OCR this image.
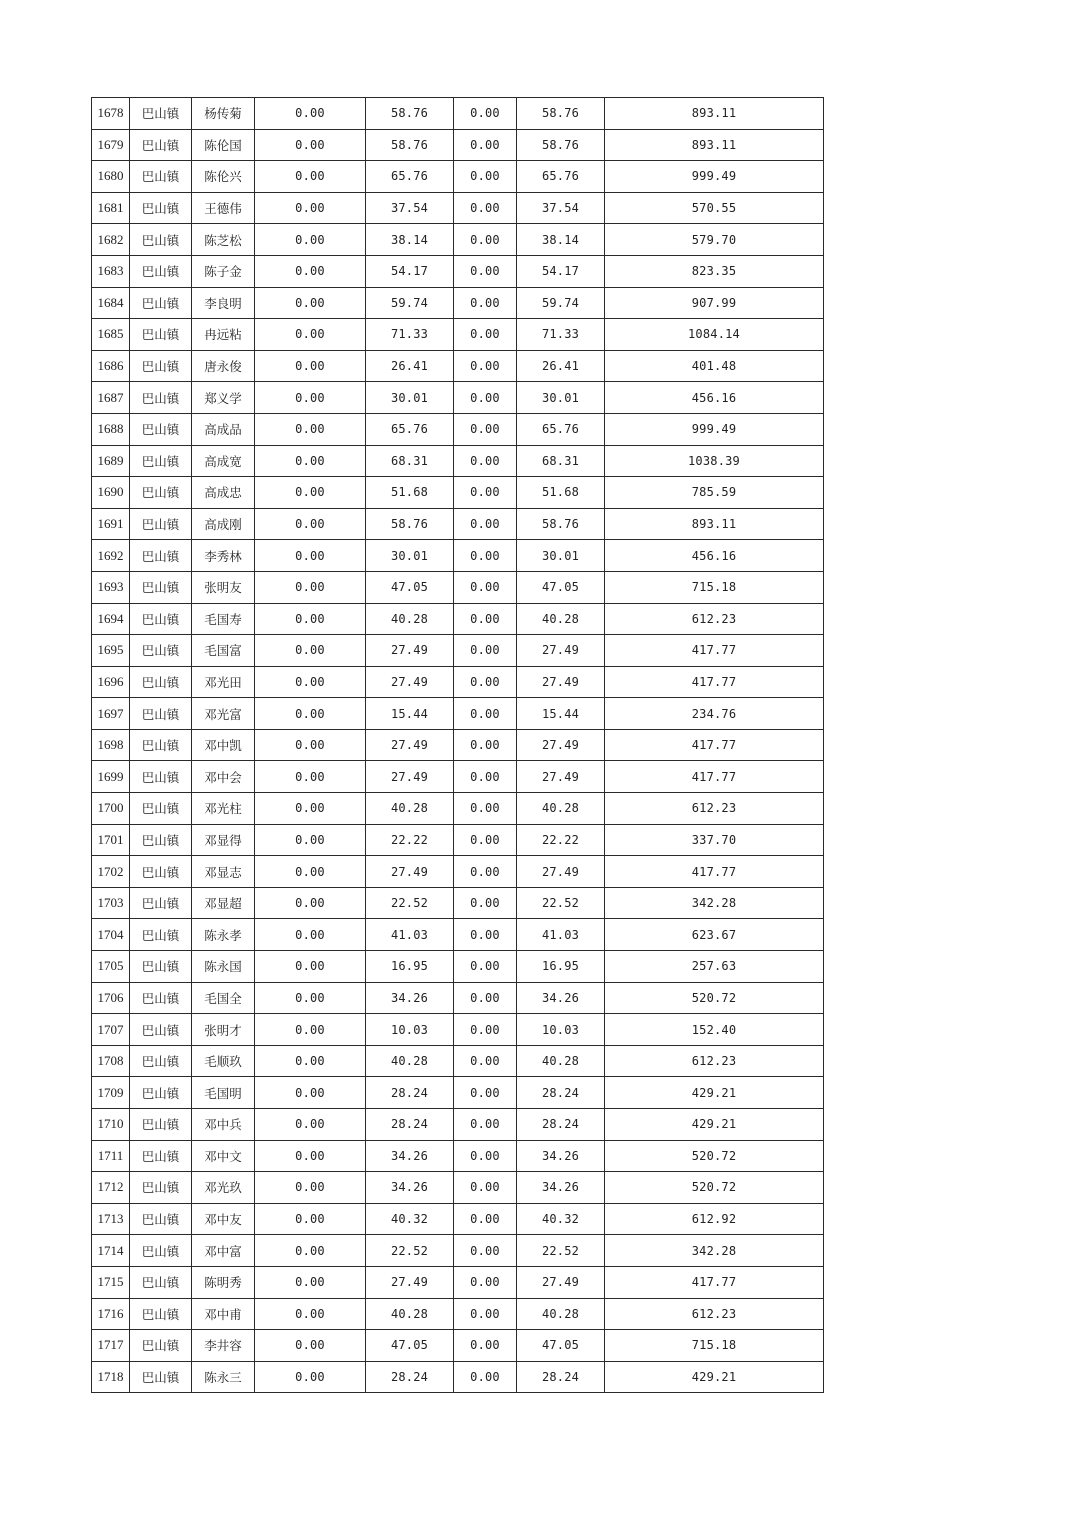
1678	巴山镇	杨传菊	0.00	58.76	0.00	58.76	893.11
1679	巴山镇	陈伦国	0.00	58.76	0.00	58.76	893.11
1680	巴山镇	陈伦兴	0.00	65.76	0.00	65.76	999.49
1681	巴山镇	王德伟	0.00	37.54	0.00	37.54	570.55
1682	巴山镇	陈芝松	0.00	38.14	0.00	38.14	579.70
1683	巴山镇	陈子金	0.00	54.17	0.00	54.17	823.35
1684	巴山镇	李良明	0.00	59.74	0.00	59.74	907.99
1685	巴山镇	冉远粘	0.00	71.33	0.00	71.33	1084.14
1686	巴山镇	唐永俊	0.00	26.41	0.00	26.41	401.48
1687	巴山镇	郑义学	0.00	30.01	0.00	30.01	456.16
1688	巴山镇	高成品	0.00	65.76	0.00	65.76	999.49
1689	巴山镇	高成宽	0.00	68.31	0.00	68.31	1038.39
1690	巴山镇	高成忠	0.00	51.68	0.00	51.68	785.59
1691	巴山镇	高成刚	0.00	58.76	0.00	58.76	893.11
1692	巴山镇	李秀林	0.00	30.01	0.00	30.01	456.16
1693	巴山镇	张明友	0.00	47.05	0.00	47.05	715.18
1694	巴山镇	毛国寿	0.00	40.28	0.00	40.28	612.23
1695	巴山镇	毛国富	0.00	27.49	0.00	27.49	417.77
1696	巴山镇	邓光田	0.00	27.49	0.00	27.49	417.77
1697	巴山镇	邓光富	0.00	15.44	0.00	15.44	234.76
1698	巴山镇	邓中凯	0.00	27.49	0.00	27.49	417.77
1699	巴山镇	邓中会	0.00	27.49	0.00	27.49	417.77
1700	巴山镇	邓光柱	0.00	40.28	0.00	40.28	612.23
1701	巴山镇	邓显得	0.00	22.22	0.00	22.22	337.70
1702	巴山镇	邓显志	0.00	27.49	0.00	27.49	417.77
1703	巴山镇	邓显超	0.00	22.52	0.00	22.52	342.28
1704	巴山镇	陈永孝	0.00	41.03	0.00	41.03	623.67
1705	巴山镇	陈永国	0.00	16.95	0.00	16.95	257.63
1706	巴山镇	毛国全	0.00	34.26	0.00	34.26	520.72
1707	巴山镇	张明才	0.00	10.03	0.00	10.03	152.40
1708	巴山镇	毛顺玖	0.00	40.28	0.00	40.28	612.23
1709	巴山镇	毛国明	0.00	28.24	0.00	28.24	429.21
1710	巴山镇	邓中兵	0.00	28.24	0.00	28.24	429.21
1711	巴山镇	邓中文	0.00	34.26	0.00	34.26	520.72
1712	巴山镇	邓光玖	0.00	34.26	0.00	34.26	520.72
1713	巴山镇	邓中友	0.00	40.32	0.00	40.32	612.92
1714	巴山镇	邓中富	0.00	22.52	0.00	22.52	342.28
1715	巴山镇	陈明秀	0.00	27.49	0.00	27.49	417.77
1716	巴山镇	邓中甫	0.00	40.28	0.00	40.28	612.23
1717	巴山镇	李井容	0.00	47.05	0.00	47.05	715.18
1718	巴山镇	陈永三	0.00	28.24	0.00	28.24	429.21
